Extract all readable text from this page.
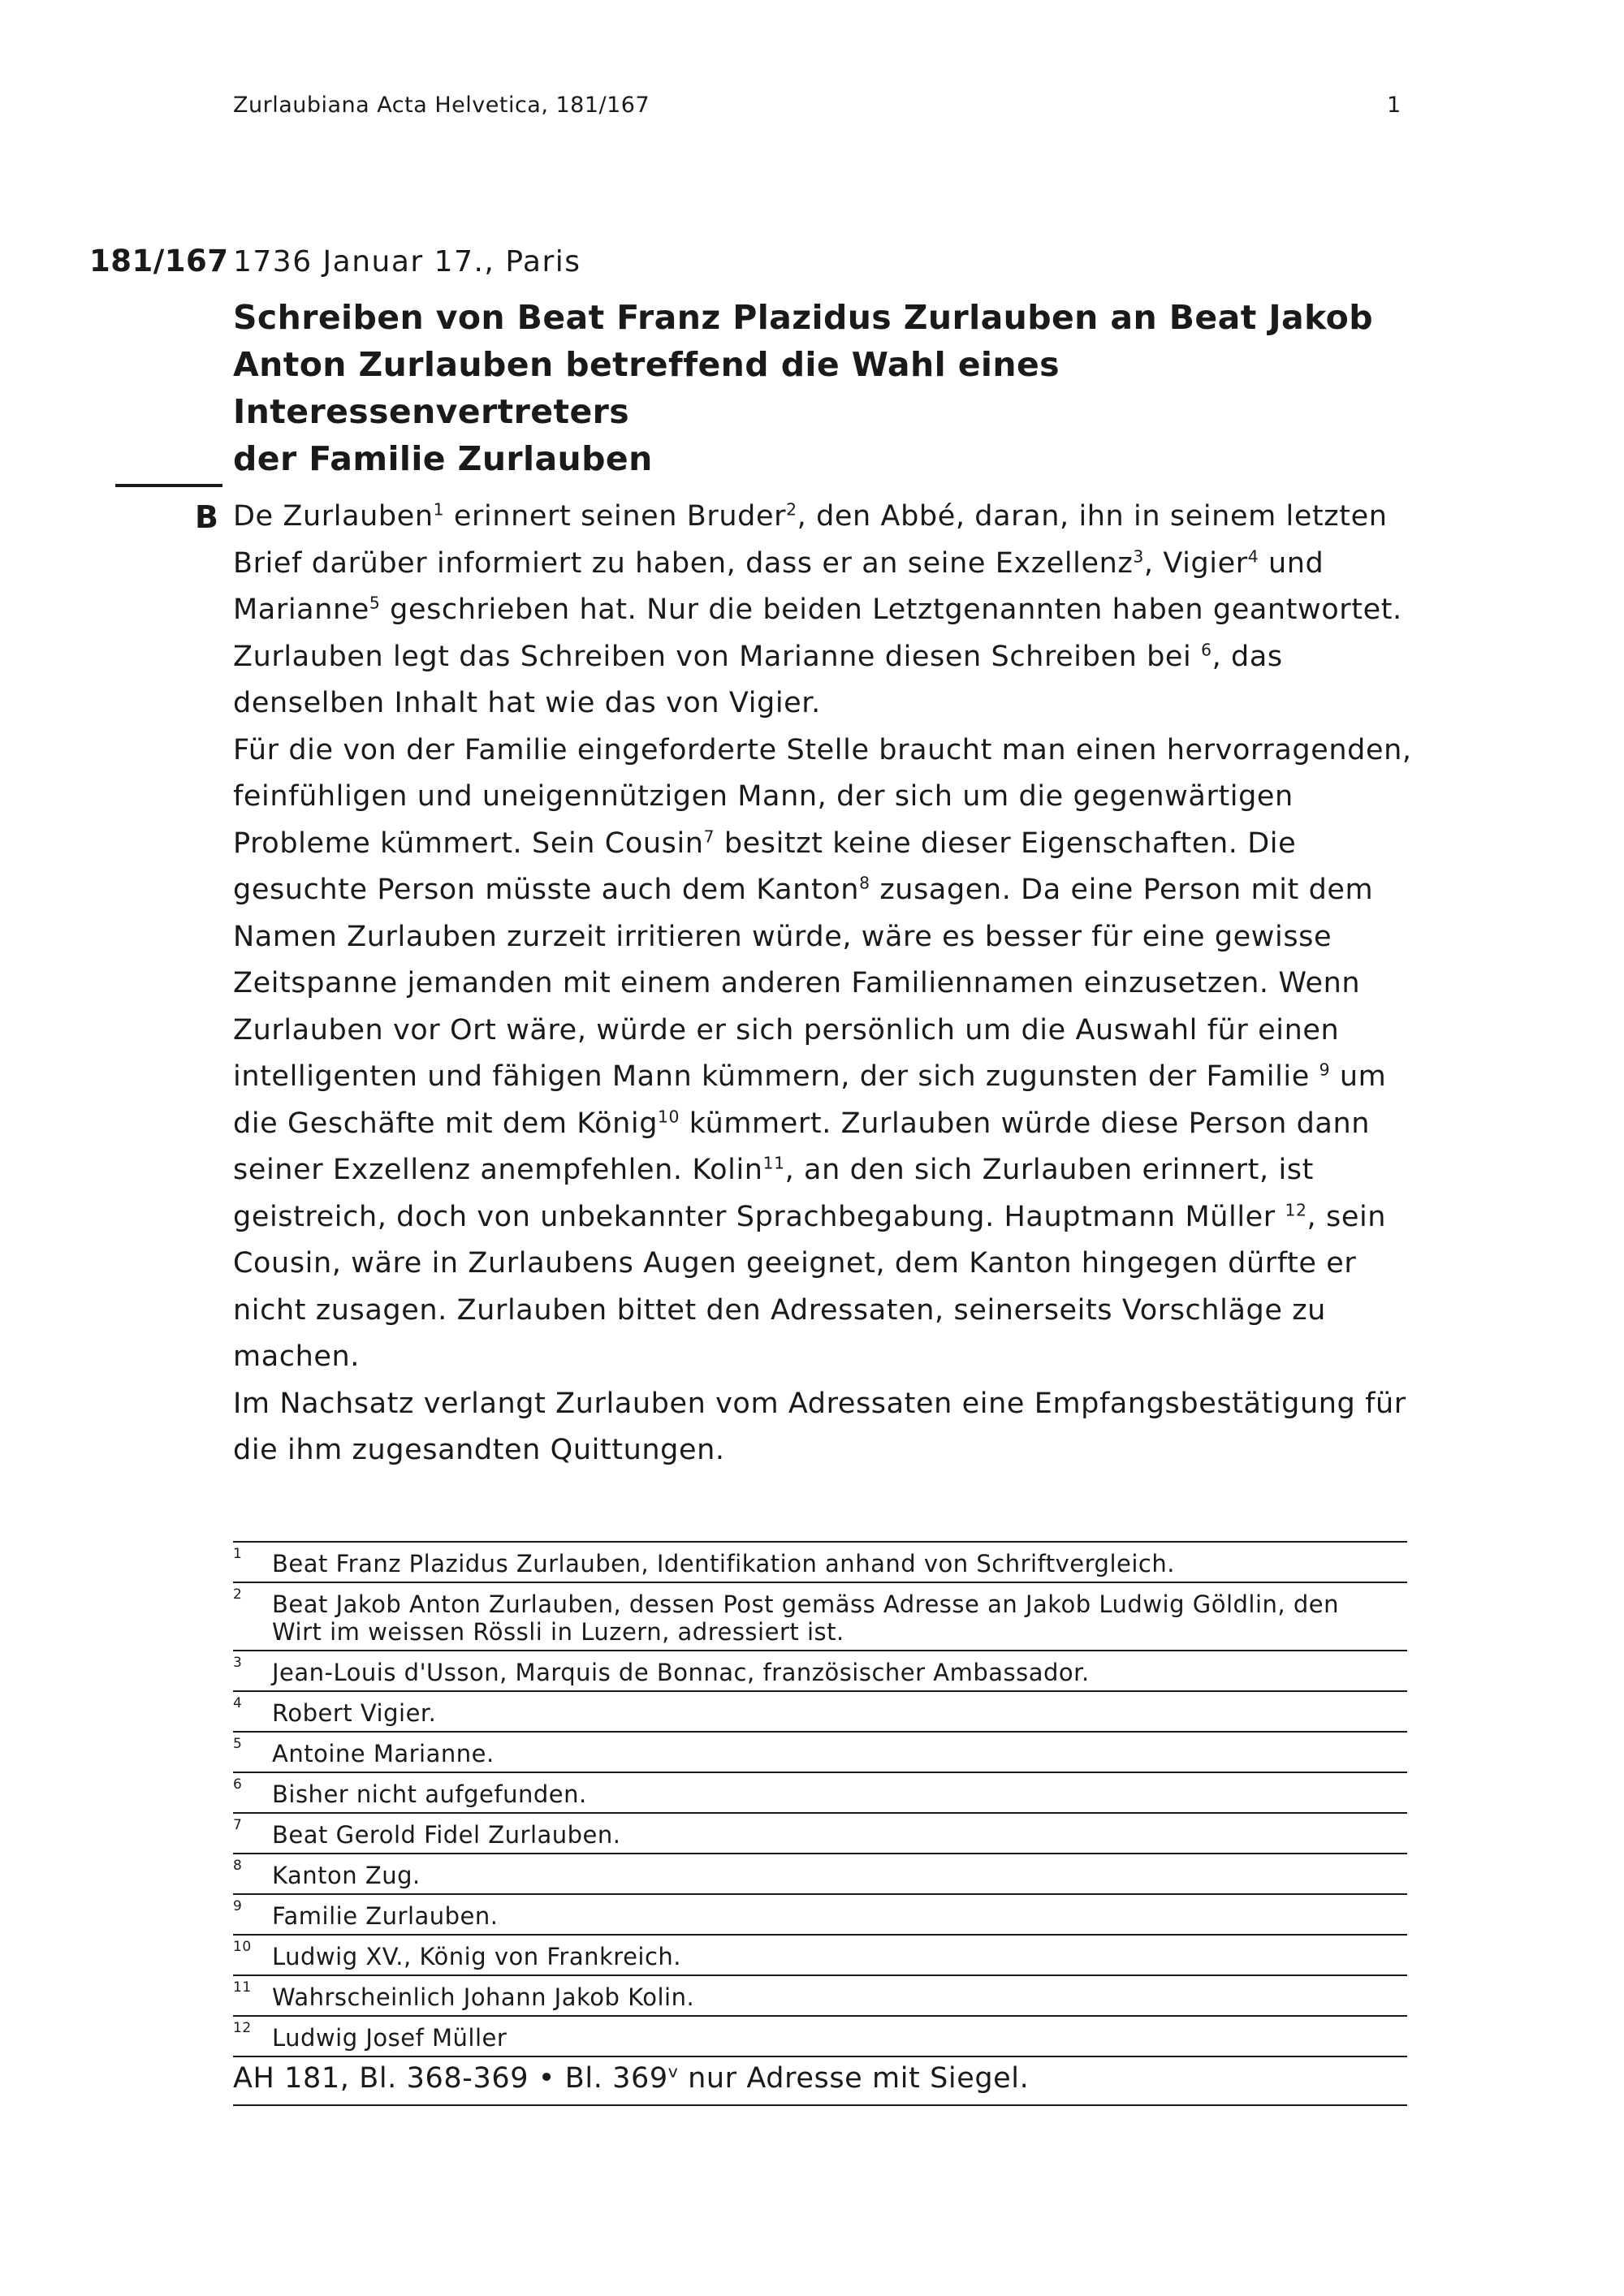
Zurlaubiana Acta Helvetica, 181/167	1
181/167 1736 Januar 17., Paris
Schreiben von Beat Franz Plazidus Zurlauben an Beat Jakob
Anton Zurlauben betreffend die Wahl eines Interessenvertreters
der Familie Zurlauben
B De Zurlauben$^1$ erinnert seinen Bruder$^2$, den Abbé, daran, ihn in seinem letzten

Brief darüber informiert zu haben, dass er an seine Exzellenz$^3$, Vigier$^4$ und

Marianne$^5$ geschrieben hat. Nur die beiden Letztgenannten haben geantwortet.

Zurlauben legt das Schreiben von Marianne diesen Schreiben bei $^6$, das

denselben Inhalt hat wie das von Vigier.

Für die von der Familie eingeforderte Stelle braucht man einen hervorragenden,

feinfühligen und uneigennützigen Mann, der sich um die gegenwärtigen

Probleme kümmert. Sein Cousin$^7$ besitzt keine dieser Eigenschaften. Die

gesuchte Person müsste auch dem Kanton$^8$ zusagen. Da eine Person mit dem

Namen Zurlauben zurzeit irritieren würde, wäre es besser für eine gewisse

Zeitspanne jemanden mit einem anderen Familiennamen einzusetzen. Wenn

Zurlauben vor Ort wäre, würde er sich persönlich um die Auswahl für einen

intelligenten und fähigen Mann kümmern, der sich zugunsten der Familie $^9$ um

die Geschäfte mit dem König$^{10}$ kümmert. Zurlauben würde diese Person dann

seiner Exzellenz anempfehlen. Kolin$^{11}$, an den sich Zurlauben erinnert, ist

geistreich, doch von unbekannter Sprachbegabung. Hauptmann Müller $^{12}$, sein

Cousin, wäre in Zurlaubens Augen geeignet, dem Kanton hingegen dürfte er

nicht zusagen. Zurlauben bittet den Adressaten, seinerseits Vorschläge zu

machen.

Im Nachsatz verlangt Zurlauben vom Adressaten eine Empfangsbestätigung für

die ihm zugesandten Quittungen.

1 Beat Franz Plazidus Zurlauben, Identifikation anhand von Schriftvergleich.
2 Beat Jakob Anton Zurlauben, dessen Post gemäss Adresse an Jakob Ludwig Göldlin, den
Wirt im weissen Rössli in Luzern, adressiert ist.
3 Jean-Louis d'Usson, Marquis de Bonnac, französischer Ambassador.
4 Robert Vigier.
5 Antoine Marianne.
6 Bisher nicht aufgefunden.
7 Beat Gerold Fidel Zurlauben.
8 Kanton Zug.
9 Familie Zurlauben.
10 Ludwig XV., König von Frankreich.
11 Wahrscheinlich Johann Jakob Kolin.
12 Ludwig Josef Müller
AH 181, Bl. 368-369 • Bl. 369$^v$ nur Adresse mit Siegel.
